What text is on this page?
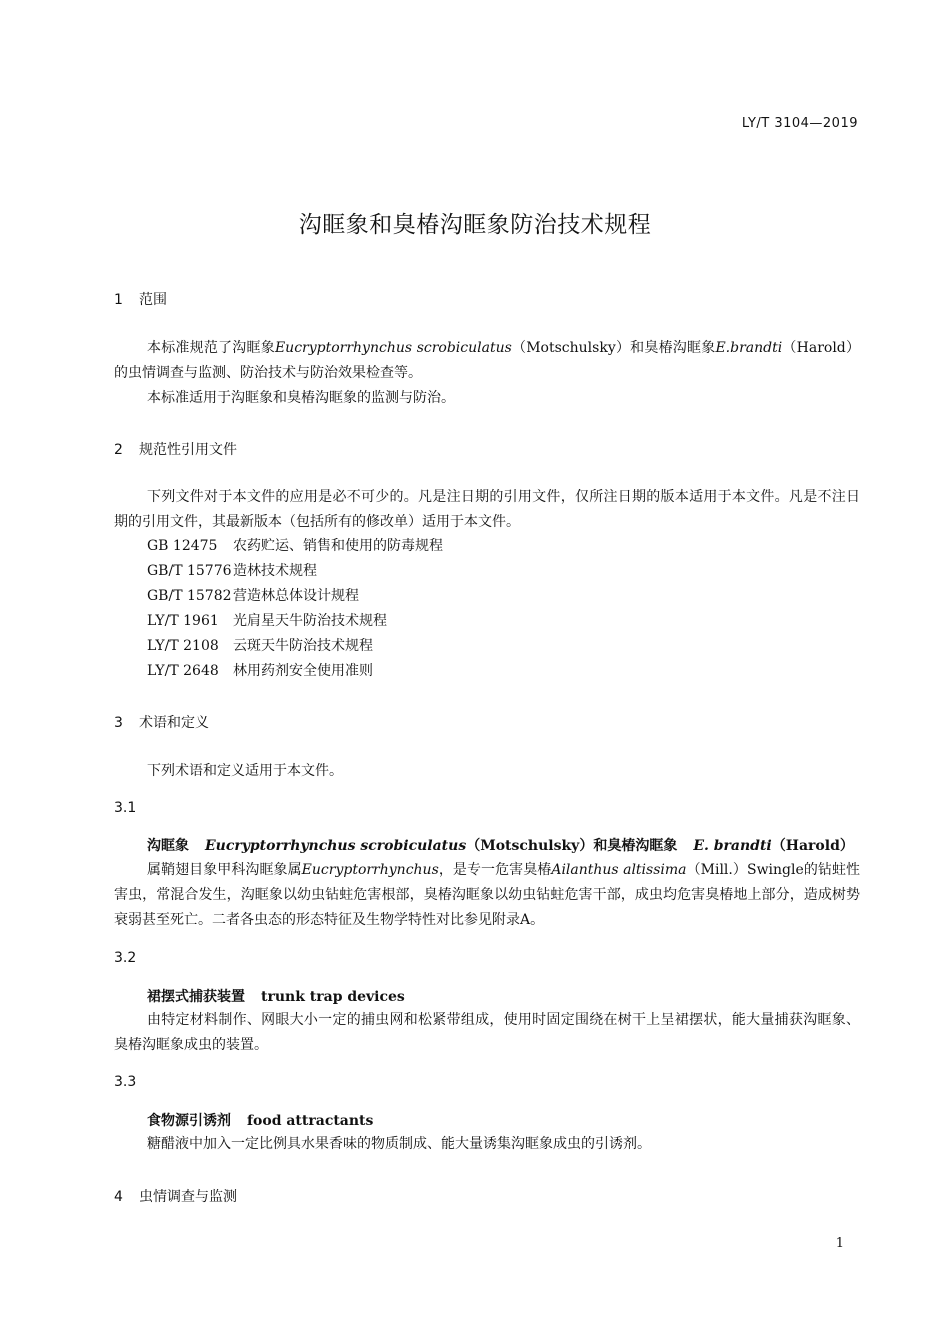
LY/T 3104—2019
沟眶象和臭椿沟眶象防治技术规程
1 范围

本标准规范了沟眶象Eucryptorrhynchus scrobiculatus（Motschulsky）和臭椿沟眶象E.brandti（Harold）的虫情调查与监测、防治技术与防治效果检查等。

本标准适用于沟眶象和臭椿沟眶象的监测与防治。

2 规范性引用文件

下列文件对于本文件的应用是必不可少的。凡是注日期的引用文件，仅所注日期的版本适用于本文件。凡是不注日期的引用文件，其最新版本（包括所有的修改单）适用于本文件。

GB 12475 农药贮运、销售和使用的防毒规程
GB/T 15776造林技术规程
GB/T 15782营造林总体设计规程
LY/T 1961 光肩星天牛防治技术规程
LY/T 2108 云斑天牛防治技术规程
LY/T 2648 林用药剂安全使用准则
3 术语和定义
下列术语和定义适用于本文件。
3.1
沟眶象 Eucryptorrhynchus scrobiculatus（Motschulsky）和臭椿沟眶象 E. brandti（Harold）

属鞘翅目象甲科沟眶象属Eucryptorrhynchus，是专一危害臭椿Ailanthus altissima（Mill.）Swingle的钻蛀性害虫，常混合发生，沟眶象以幼虫钻蛀危害根部，臭椿沟眶象以幼虫钻蛀危害干部，成虫均危害臭椿地上部分，造成树势衰弱甚至死亡。二者各虫态的形态特征及生物学特性对比参见附录A。

3.2
裙摆式捕获装置 trunk trap devices

由特定材料制作、网眼大小一定的捕虫网和松紧带组成，使用时固定围绕在树干上呈裙摆状，能大量捕获沟眶象、臭椿沟眶象成虫的装置。

3.3
食物源引诱剂 food attractants

糖醋液中加入一定比例具水果香味的物质制成、能大量诱集沟眶象成虫的引诱剂。

4 虫情调查与监测
1
